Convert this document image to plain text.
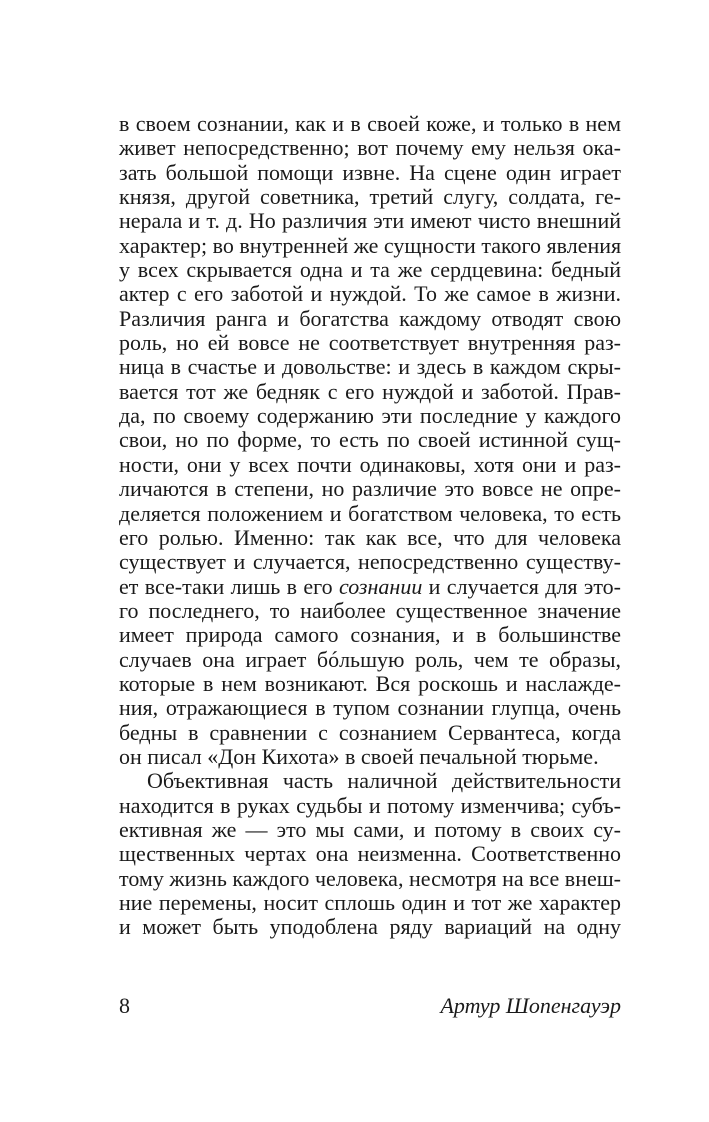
в своем сознании, как и в своей коже, и только в нем
живет непосредственно; вот почему ему нельзя ока-
зать большой помощи извне. На сцене один играет
князя, другой советника, третий слугу, солдата, ге-
нерала и т. д. Но различия эти имеют чисто внешний
характер; во внутренней же сущности такого явления
у всех скрывается одна и та же сердцевина: бедный
актер с его заботой и нуждой. То же самое в жизни.
Различия ранга и богатства каждому отводят свою
роль, но ей вовсе не соответствует внутренняя раз-
ница в счастье и довольстве: и здесь в каждом скры-
вается тот же бедняк с его нуждой и заботой. Прав-
да, по своему содержанию эти последние у каждого
свои, но по форме, то есть по своей истинной сущ-
ности, они у всех почти одинаковы, хотя они и раз-
личаются в степени, но различие это вовсе не опре-
деляется положением и богатством человека, то есть
его ролью. Именно: так как все, что для человека
существует и случается, непосредственно существу-
ет все-таки лишь в его сознании и случается для это-
го последнего, то наиболее существенное значение
имеет природа самого сознания, и в большинстве
случаев она играет бóльшую роль, чем те образы,
которые в нем возникают. Вся роскошь и наслажде-
ния, отражающиеся в тупом сознании глупца, очень
бедны в сравнении с сознанием Сервантеса, когда
он писал «Дон Кихота» в своей печальной тюрьме.
Объективная часть наличной действительности
находится в руках судьбы и потому изменчива; субъ-
ективная же — это мы сами, и потому в своих су-
щественных чертах она неизменна. Соответственно
тому жизнь каждого человека, несмотря на все внеш-
ние перемены, носит сплошь один и тот же характер
и может быть уподоблена ряду вариаций на одну
8	Артур Шопенгауэр
